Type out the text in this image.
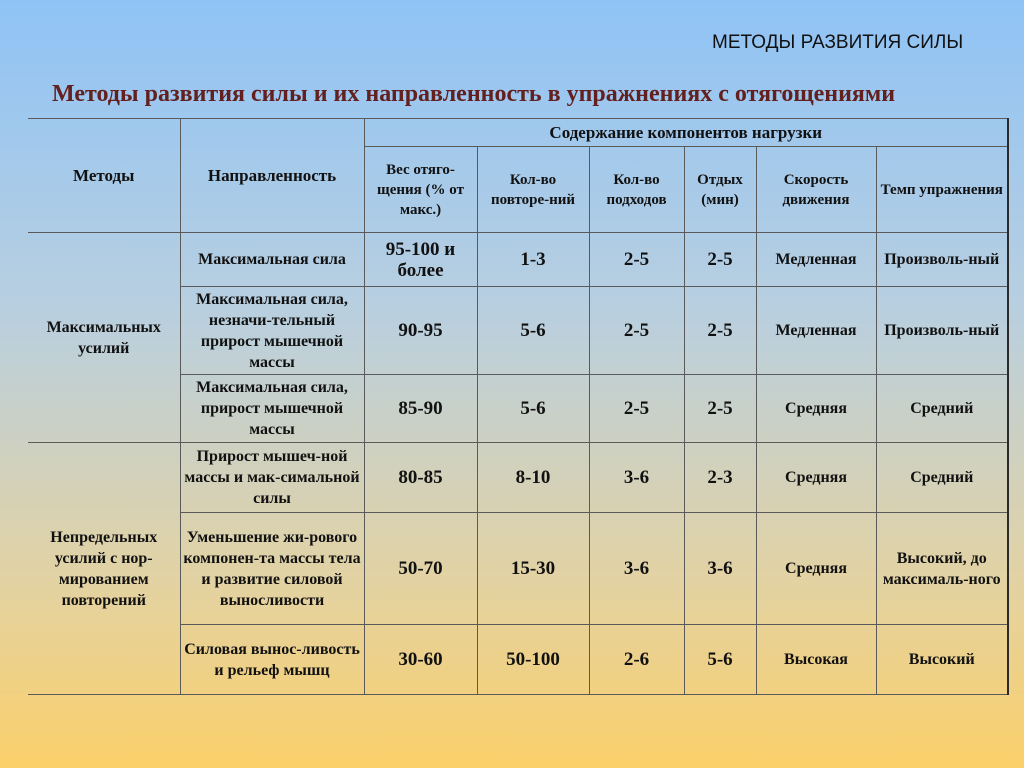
МЕТОДЫ РАЗВИТИЯ СИЛЫ
Методы развития силы и их направленность в упражнениях с отягощениями
Методы	Направленность	Содержание компонентов нагрузки					
		Вес отяго-щения (% от макс.)	Кол-во повторе-ний	Кол-во подходов	Отдых (мин)	Скорость движения	Темп упражнения
Максимальных усилий	Максимальная сила	95-100 и более	1-3	2-5	2-5	Медленная	Произволь-ный
	Максимальная сила, незначи-тельный прирост мышечной массы	90-95	5-6	2-5	2-5	Медленная	Произволь-ный
	Максимальная сила, прирост мышечной массы	85-90	5-6	2-5	2-5	Средняя	Средний
Непредельных усилий с нор-мированием повторений	Прирост мышеч-ной массы и мак-симальной силы	80-85	8-10	3-6	2-3	Средняя	Средний
	Уменьшение жи-рового компонен-та массы тела и развитие силовой выносливости	50-70	15-30	3-6	3-6	Средняя	Высокий, до максималь-ного
	Силовая вынос-ливость и рельеф мышц	30-60	50-100	2-6	5-6	Высокая	Высокий
